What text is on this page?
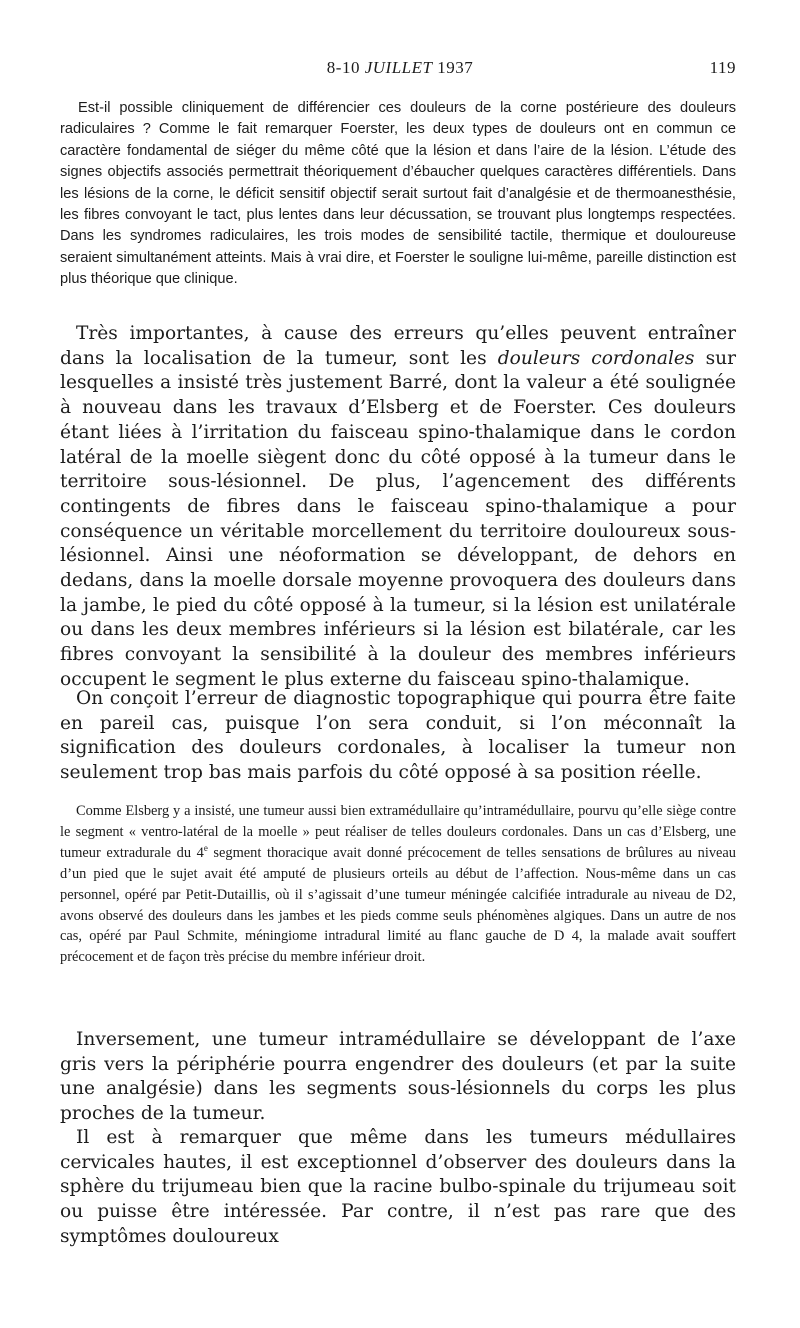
8-10 JUILLET 1937	119

Est-il possible cliniquement de différencier ces douleurs de la corne postérieure des douleurs radiculaires ? Comme le fait remarquer Foerster, les deux types de douleurs ont en commun ce caractère fondamental de siéger du même côté que la lésion et dans l’aire de la lésion. L’étude des signes objectifs associés permettrait théoriquement d’ébaucher quelques caractères différentiels. Dans les lésions de la corne, le déficit sensitif objectif serait surtout fait d’analgésie et de thermoanesthésie, les fibres convoyant le tact, plus lentes dans leur décussation, se trouvant plus longtemps respectées. Dans les syndromes radiculaires, les trois modes de sensibilité tactile, thermique et douloureuse seraient simultanément atteints. Mais à vrai dire, et Foerster le souligne lui-même, pareille distinction est plus théorique que clinique.

Très importantes, à cause des erreurs qu’elles peuvent entraîner dans la localisation de la tumeur, sont les douleurs cordonales sur lesquelles a insisté très justement Barré, dont la valeur a été soulignée à nouveau dans les travaux d’Elsberg et de Foerster. Ces douleurs étant liées à l’irritation du faisceau spino-thalamique dans le cordon latéral de la moelle siègent donc du côté opposé à la tumeur dans le territoire sous-lésionnel. De plus, l’agencement des différents contingents de fibres dans le faisceau spino-thalamique a pour conséquence un véritable morcellement du territoire douloureux sous-lésionnel. Ainsi une néoformation se développant, de dehors en dedans, dans la moelle dorsale moyenne provoquera des douleurs dans la jambe, le pied du côté opposé à la tumeur, si la lésion est unilatérale ou dans les deux membres inférieurs si la lésion est bilatérale, car les fibres convoyant la sensibilité à la douleur des membres inférieurs occupent le segment le plus externe du faisceau spino-thalamique.

On conçoit l’erreur de diagnostic topographique qui pourra être faite en pareil cas, puisque l’on sera conduit, si l’on méconnaît la signification des douleurs cordonales, à localiser la tumeur non seulement trop bas mais parfois du côté opposé à sa position réelle.

Comme Elsberg y a insisté, une tumeur aussi bien extramédullaire qu’intramédullaire, pourvu qu’elle siège contre le segment « ventro-latéral de la moelle » peut réaliser de telles douleurs cordonales. Dans un cas d’Elsberg, une tumeur extradurale du 4e segment thoracique avait donné précocement de telles sensations de brûlures au niveau d’un pied que le sujet avait été amputé de plusieurs orteils au début de l’affection. Nous-même dans un cas personnel, opéré par Petit-Dutaillis, où il s’agissait d’une tumeur méningée calcifiée intradurale au niveau de D2, avons observé des douleurs dans les jambes et les pieds comme seuls phénomènes algiques. Dans un autre de nos cas, opéré par Paul Schmite, méningiome intradural limité au flanc gauche de D 4, la malade avait souffert précocement et de façon très précise du membre inférieur droit.

Inversement, une tumeur intramédullaire se développant de l’axe gris vers la périphérie pourra engendrer des douleurs (et par la suite une analgésie) dans les segments sous-lésionnels du corps les plus proches de la tumeur.

Il est à remarquer que même dans les tumeurs médullaires cervicales hautes, il est exceptionnel d’observer des douleurs dans la sphère du trijumeau bien que la racine bulbo-spinale du trijumeau soit ou puisse être intéressée. Par contre, il n’est pas rare que des symptômes douloureux
